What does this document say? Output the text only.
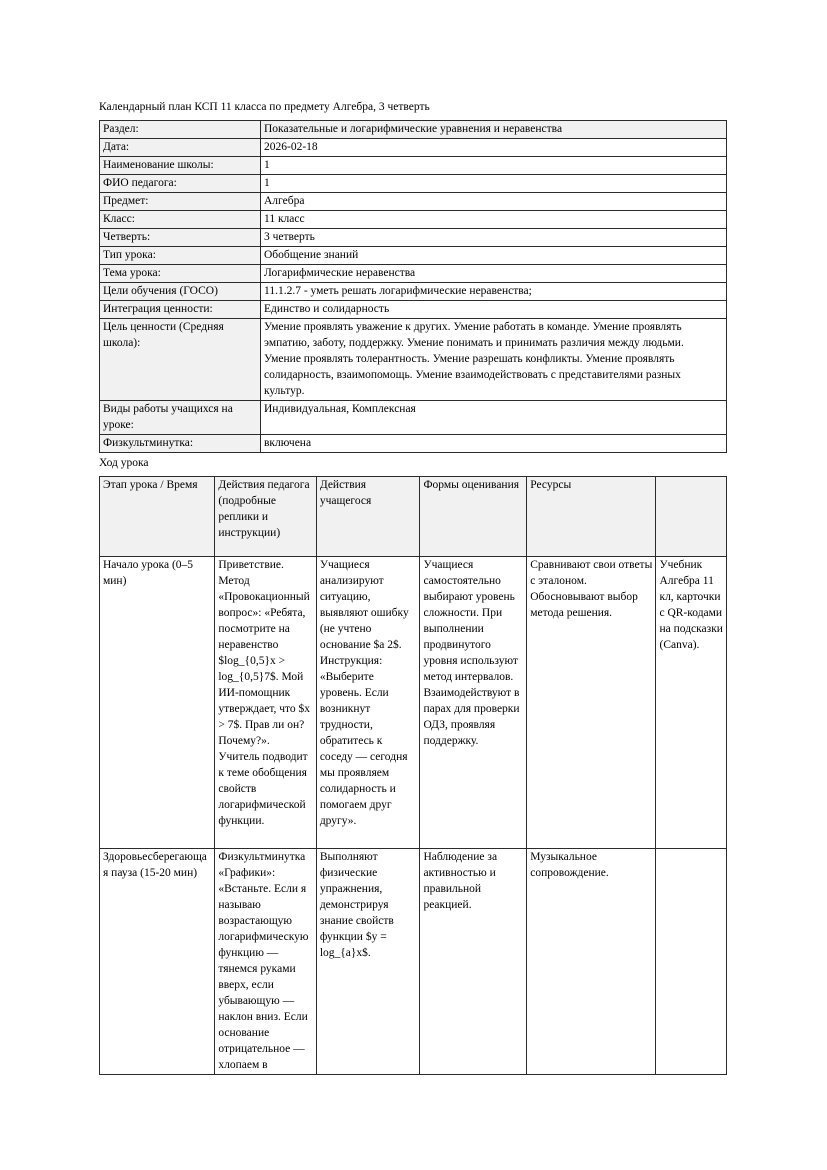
Календарный план КСП 11 класса по предмету Алгебра, 3 четверть

Раздел:	Показательные и логарифмические уравнения и неравенства
Дата:	2026-02-18
Наименование школы:	1
ФИО педагога:	1
Предмет:	Алгебра
Класс:	11 класс
Четверть:	3 четверть
Тип урока:	Обобщение знаний
Тема урока:	Логарифмические неравенства
Цели обучения (ГОСО)	11.1.2.7 - уметь решать логарифмические неравенства;
Интеграция ценности:	Единство и солидарность
Цель ценности (Средняя школа):	Умение проявлять уважение к других. Умение работать в команде. Умение проявлять эмпатию, заботу, поддержку. Умение понимать и принимать различия между людьми. Умение проявлять толерантность. Умение разрешать конфликты. Умение проявлять солидарность, взаимопомощь. Умение взаимодействовать с представителями разных культур.
Виды работы учащихся на уроке:	Индивидуальная, Комплексная
Физкультминутка:	включена

Ход урока

Этап урока / Время	Действия педагога (подробные реплики и инструкции)	Действия учащегося	Формы оценивания	Ресурсы	
Начало урока (0–5 мин)	Приветствие. Метод «Провокационный вопрос»: «Ребята, посмотрите на неравенство $log_{0,5}x > log_{0,5}7$. Мой ИИ-помощник утверждает, что $x > 7$. Прав ли он? Почему?». Учитель подводит к теме обобщения свойств логарифмической функции.	Учащиеся анализируют ситуацию, выявляют ошибку (не учтено основание $a 2$. Инструкция: «Выберите уровень. Если возникнут трудности, обратитесь к соседу — сегодня мы проявляем солидарность и помогаем друг другу».	Учащиеся самостоятельно выбирают уровень сложности. При выполнении продвинутого уровня используют метод интервалов. Взаимодействуют в парах для проверки ОДЗ, проявляя поддержку.	Сравнивают свои ответы с эталоном. Обосновывают выбор метода решения.	Учебник Алгебра 11 кл, карточки с QR-кодами на подсказки (Canva).
Здоровьесберегающая пауза (15-20 мин)	Физкультминутка «Графики»: «Встаньте. Если я называю возрастающую логарифмическую функцию — тянемся руками вверх, если убывающую — наклон вниз. Если основание отрицательное — хлопаем в	Выполняют физические упражнения, демонстрируя знание свойств функции $y = log_{a}x$.	Наблюдение за активностью и правильной реакцией.	Музыкальное сопровождение.	
